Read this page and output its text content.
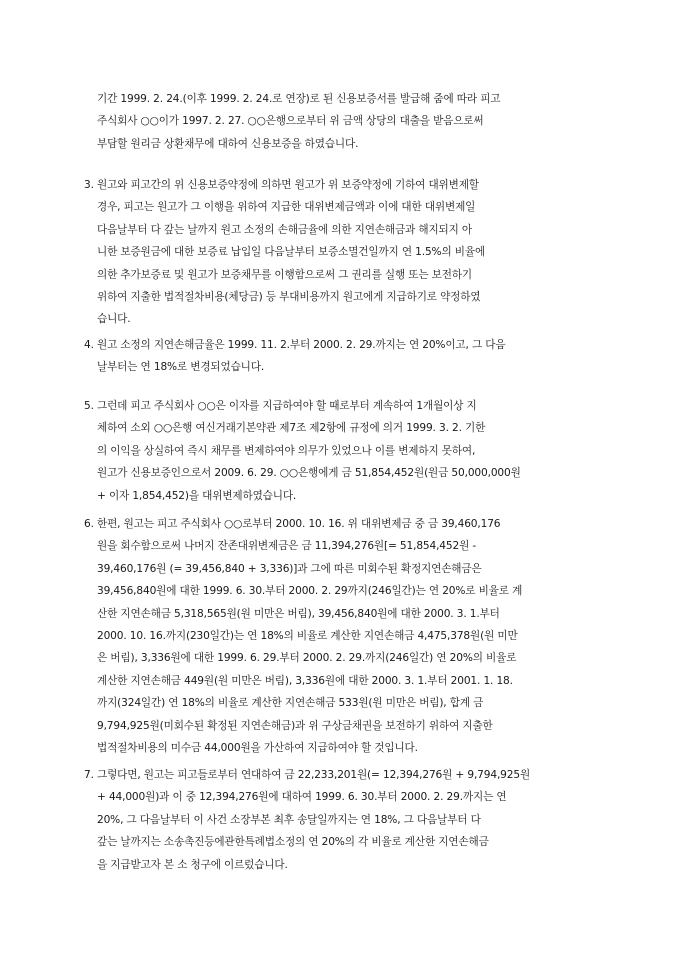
기간 1999. 2. 24.(이후 1999. 2. 24.로 연장)로 된 신용보증서를 발급해 줌에 따라 피고
주식회사 ○○이가 1997. 2. 27. ○○은행으로부터 위 금액 상당의 대출을 받음으로써
부담할 원리금 상환채무에 대하여 신용보증을 하였습니다.
3. 원고와 피고간의 위 신용보증약정에 의하면 원고가 위 보증약정에 기하여 대위변제할
경우, 피고는 원고가 그 이행을 위하여 지급한 대위변제금액과 이에 대한 대위변제일
다음날부터 다 갚는 날까지 원고 소정의 손해금율에 의한 지연손해금과 해지되지 아
니한 보증원금에 대한 보증료 납입일 다음날부터 보증소멸건일까지 연 1.5%의 비율에
의한 추가보증료 및 원고가 보증채무를 이행함으로써 그 권리를 실행 또는 보전하기
위하여 지출한 법적절차비용(체당금) 등 부대비용까지 원고에게 지급하기로 약정하였
습니다.
4. 원고 소정의 지연손해금율은 1999. 11. 2.부터 2000. 2. 29.까지는 연 20%이고, 그 다음
날부터는 연 18%로 변경되었습니다.
5. 그런데 피고 주식회사 ○○은 이자를 지급하여야 할 때로부터 계속하여 1개월이상 지
체하여 소외 ○○은행 여신거래기본약관 제7조 제2항에 규정에 의거 1999. 3. 2. 기한
의 이익을 상실하여 즉시 채무를 변제하여야 의무가 있었으나 이를 변제하지 못하여,
원고가 신용보증인으로서 2009. 6. 29. ○○은행에게 금 51,854,452원(원금 50,000,000원
+ 이자 1,854,452)을 대위변제하였습니다.
6. 한편, 원고는 피고 주식회사 ○○로부터 2000. 10. 16. 위 대위변제금 중 금 39,460,176
원을 회수함으로써 나머지 잔존대위변제금은 금 11,394,276원[= 51,854,452원 -
39,460,176원 (= 39,456,840 + 3,336)]과 그에 따른 미회수된 확정지연손해금은
39,456,840원에 대한 1999. 6. 30.부터 2000. 2. 29까지(246일간)는 연 20%로 비율로 계
산한 지연손해금 5,318,565원(원 미만은 버림), 39,456,840원에 대한 2000. 3. 1.부터
2000. 10. 16.까지(230일간)는 연 18%의 비율로 계산한 지연손해금 4,475,378원(원 미만
은 버림), 3,336원에 대한 1999. 6. 29.부터 2000. 2. 29.까지(246일간) 연 20%의 비율로
계산한 지연손해금 449원(원 미만은 버림), 3,336원에 대한 2000. 3. 1.부터 2001. 1. 18.
까지(324일간) 연 18%의 비율로 계산한 지연손해금 533원(원 미만은 버림), 합계 금
9,794,925원(미회수된 확정된 지연손해금)과 위 구상금채권을 보전하기 위하여 지출한
법적절차비용의 미수금 44,000원을 가산하여 지급하여야 할 것입니다.
7. 그렇다면, 원고는 피고들로부터 연대하여 금 22,233,201원(= 12,394,276원 + 9,794,925원
+ 44,000원)과 이 중 12,394,276원에 대하여 1999. 6. 30.부터 2000. 2. 29.까지는 연
20%, 그 다음날부터 이 사건 소장부본 최후 송달일까지는 연 18%, 그 다음날부터 다
갚는 날까지는 소송촉진등에관한특례법소정의 연 20%의 각 비율로 계산한 지연손해금
을 지급받고자 본 소 청구에 이르렀습니다.
